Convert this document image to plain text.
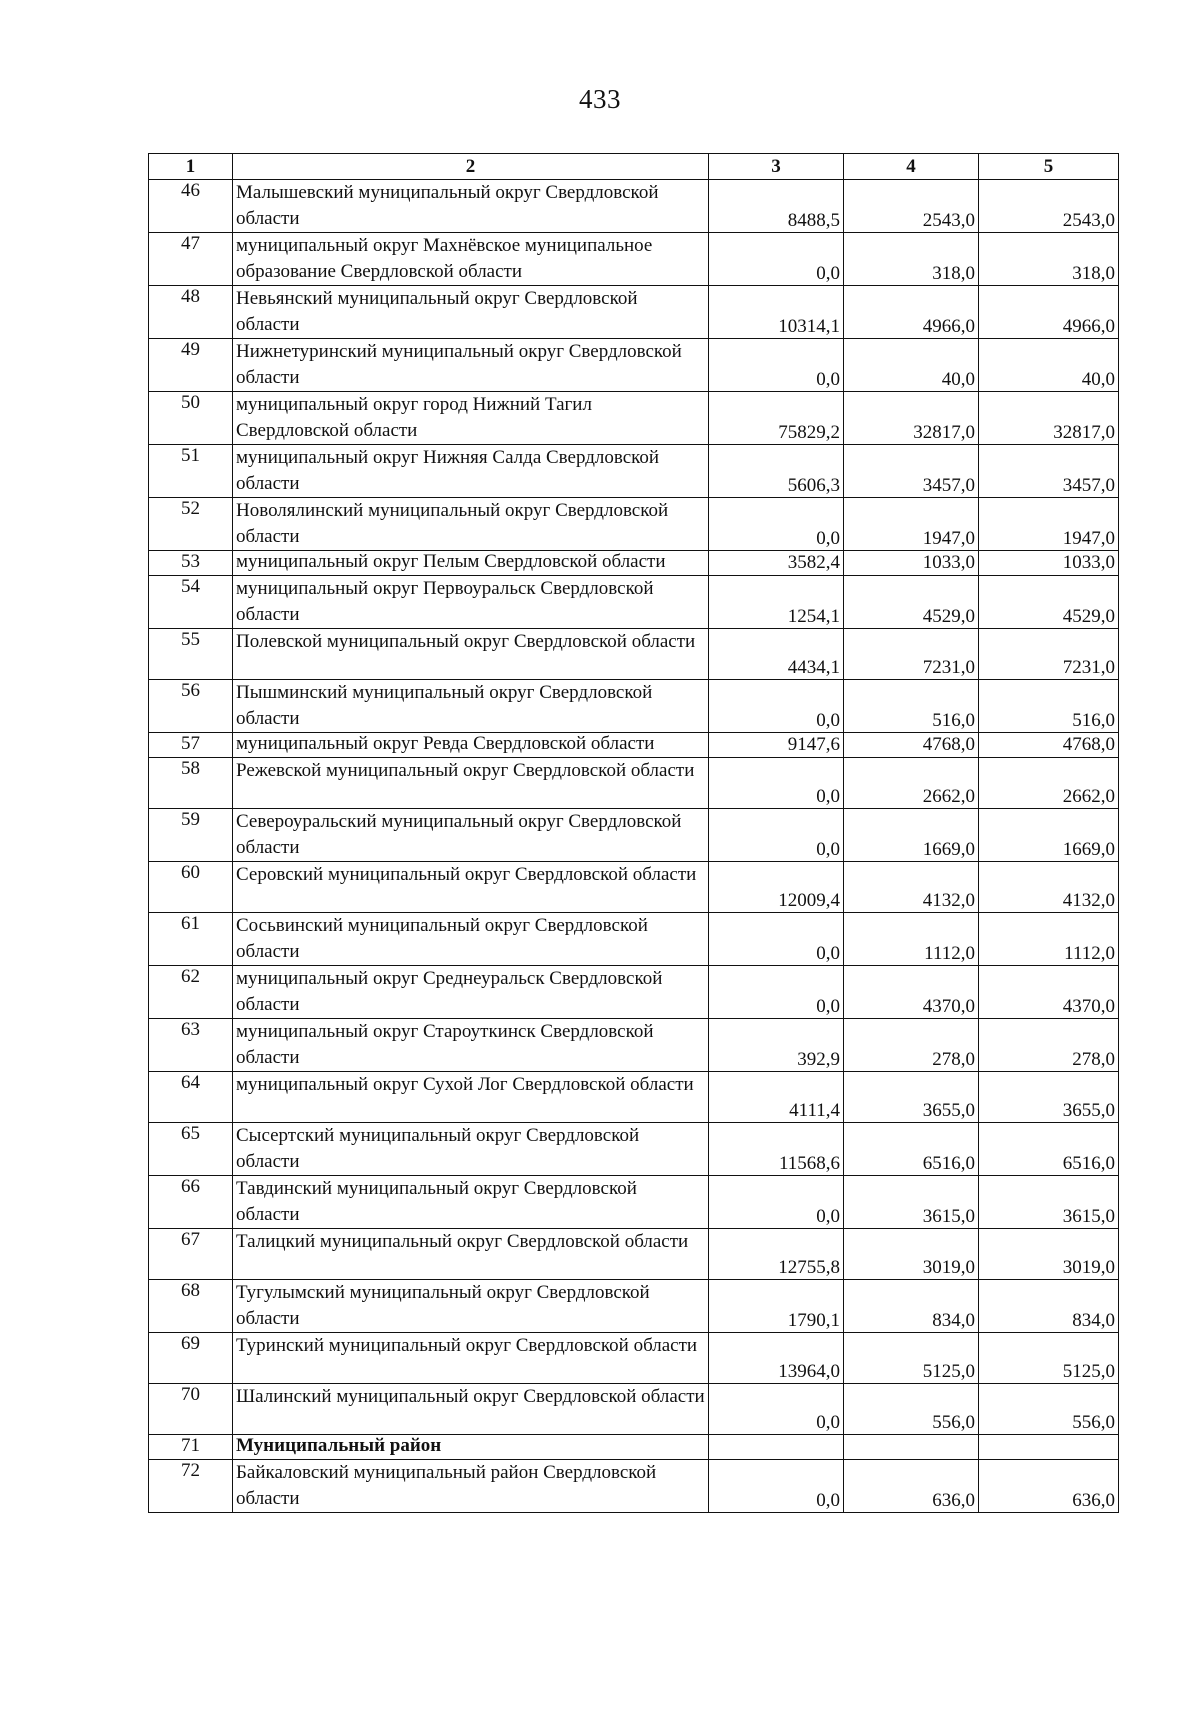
433
1	2	3	4	5
46	Малышевский муниципальный округ Свердловской области	8488,5	2543,0	2543,0
47	муниципальный округ Махнёвское муниципальное образование Свердловской области	0,0	318,0	318,0
48	Невьянский муниципальный округ Свердловской области	10314,1	4966,0	4966,0
49	Нижнетуринский муниципальный округ Свердловской области	0,0	40,0	40,0
50	муниципальный округ город Нижний Тагил Свердловской области	75829,2	32817,0	32817,0
51	муниципальный округ Нижняя Салда Свердловской области	5606,3	3457,0	3457,0
52	Новолялинский муниципальный округ Свердловской области	0,0	1947,0	1947,0
53	муниципальный округ Пелым Свердловской области	3582,4	1033,0	1033,0
54	муниципальный округ Первоуральск Свердловской области	1254,1	4529,0	4529,0
55	Полевской муниципальный округ Свердловской области	4434,1	7231,0	7231,0
56	Пышминский муниципальный округ Свердловской области	0,0	516,0	516,0
57	муниципальный округ Ревда Свердловской области	9147,6	4768,0	4768,0
58	Режевской муниципальный округ Свердловской области	0,0	2662,0	2662,0
59	Североуральский муниципальный округ Свердловской области	0,0	1669,0	1669,0
60	Серовский муниципальный округ Свердловской области	12009,4	4132,0	4132,0
61	Сосьвинский муниципальный округ Свердловской области	0,0	1112,0	1112,0
62	муниципальный округ Среднеуральск Свердловской области	0,0	4370,0	4370,0
63	муниципальный округ Староуткинск Свердловской области	392,9	278,0	278,0
64	муниципальный округ Сухой Лог Свердловской области	4111,4	3655,0	3655,0
65	Сысертский муниципальный округ Свердловской области	11568,6	6516,0	6516,0
66	Тавдинский муниципальный округ Свердловской области	0,0	3615,0	3615,0
67	Талицкий муниципальный округ Свердловской области	12755,8	3019,0	3019,0
68	Тугулымский муниципальный округ Свердловской области	1790,1	834,0	834,0
69	Туринский муниципальный округ Свердловской области	13964,0	5125,0	5125,0
70	Шалинский муниципальный округ Свердловской области	0,0	556,0	556,0
71	Муниципальный район			
72	Байкаловский муниципальный район Свердловской области	0,0	636,0	636,0
